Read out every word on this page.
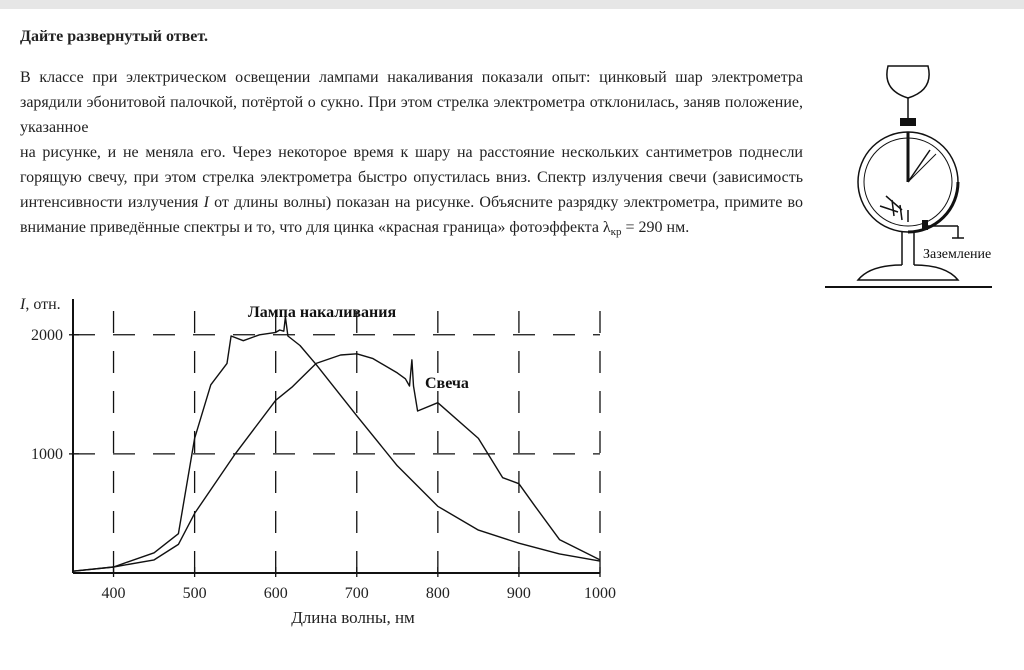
Дайте развернутый ответ.

В классе при электрическом освещении лампами накаливания показали опыт: цинковый шар электрометра зарядили эбонитовой палочкой, потёртой о сукно. При этом стрелка электрометра отклонилась, заняв положение, указанное
на рисунке, и не меняла его. Через некоторое время к шару на расстояние нескольких сантиметров поднесли горящую свечу, при этом стрелка электрометра быстро опустилась вниз. Спектр излучения свечи (зависимость интенсивности излучения I от длины волны) показан на рисунке. Объясните разрядку электрометра, примите во внимание приведённые спектры и то, что для цинка «красная граница» фотоэффекта $\lambda_{кр} = 290$ нм.

Заземление
400	500	600	700	800	900	1000
1000
2000
I, отн.
Длина волны, нм
Лампа накаливания
Свеча
